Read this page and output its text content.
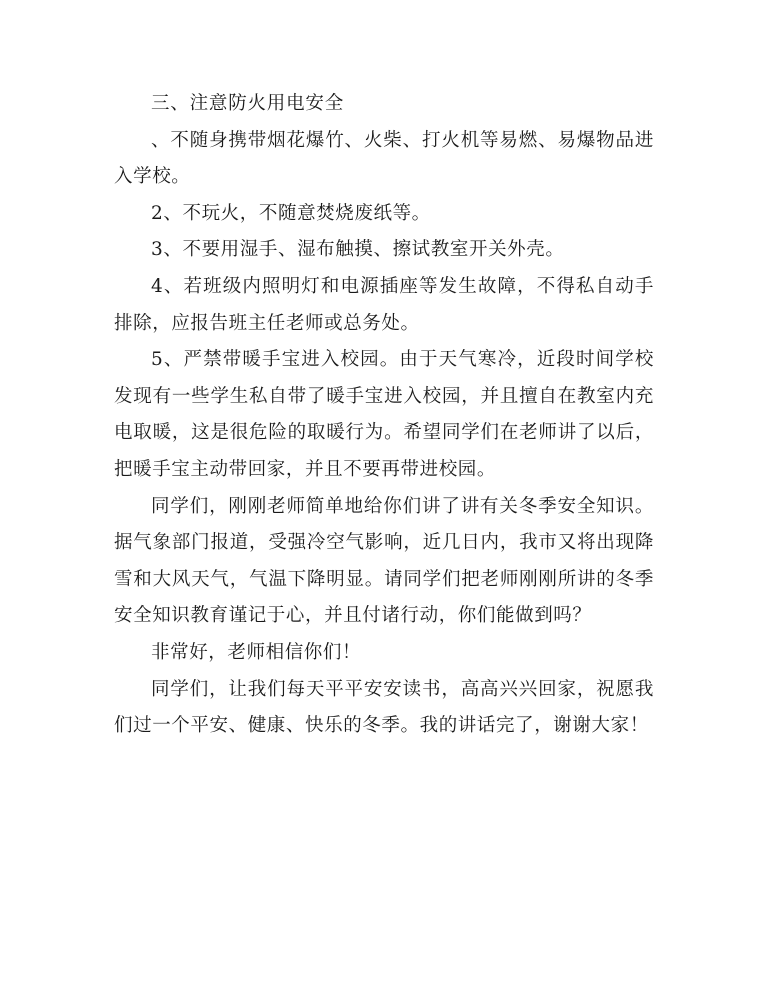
三、注意防火用电安全

、不随身携带烟花爆竹、火柴、打火机等易燃、易爆物品进入学校。

2、不玩火，不随意焚烧废纸等。

3、不要用湿手、湿布触摸、擦试教室开关外壳。

4、若班级内照明灯和电源插座等发生故障，不得私自动手排除，应报告班主任老师或总务处。

5、严禁带暖手宝进入校园。由于天气寒冷，近段时间学校发现有一些学生私自带了暖手宝进入校园，并且擅自在教室内充电取暖，这是很危险的取暖行为。希望同学们在老师讲了以后，把暖手宝主动带回家，并且不要再带进校园。

同学们，刚刚老师简单地给你们讲了讲有关冬季安全知识。据气象部门报道，受强冷空气影响，近几日内，我市又将出现降雪和大风天气，气温下降明显。请同学们把老师刚刚所讲的冬季安全知识教育谨记于心，并且付诸行动，你们能做到吗？

非常好，老师相信你们！

同学们，让我们每天平平安安读书，高高兴兴回家，祝愿我们过一个平安、健康、快乐的冬季。我的讲话完了，谢谢大家！
